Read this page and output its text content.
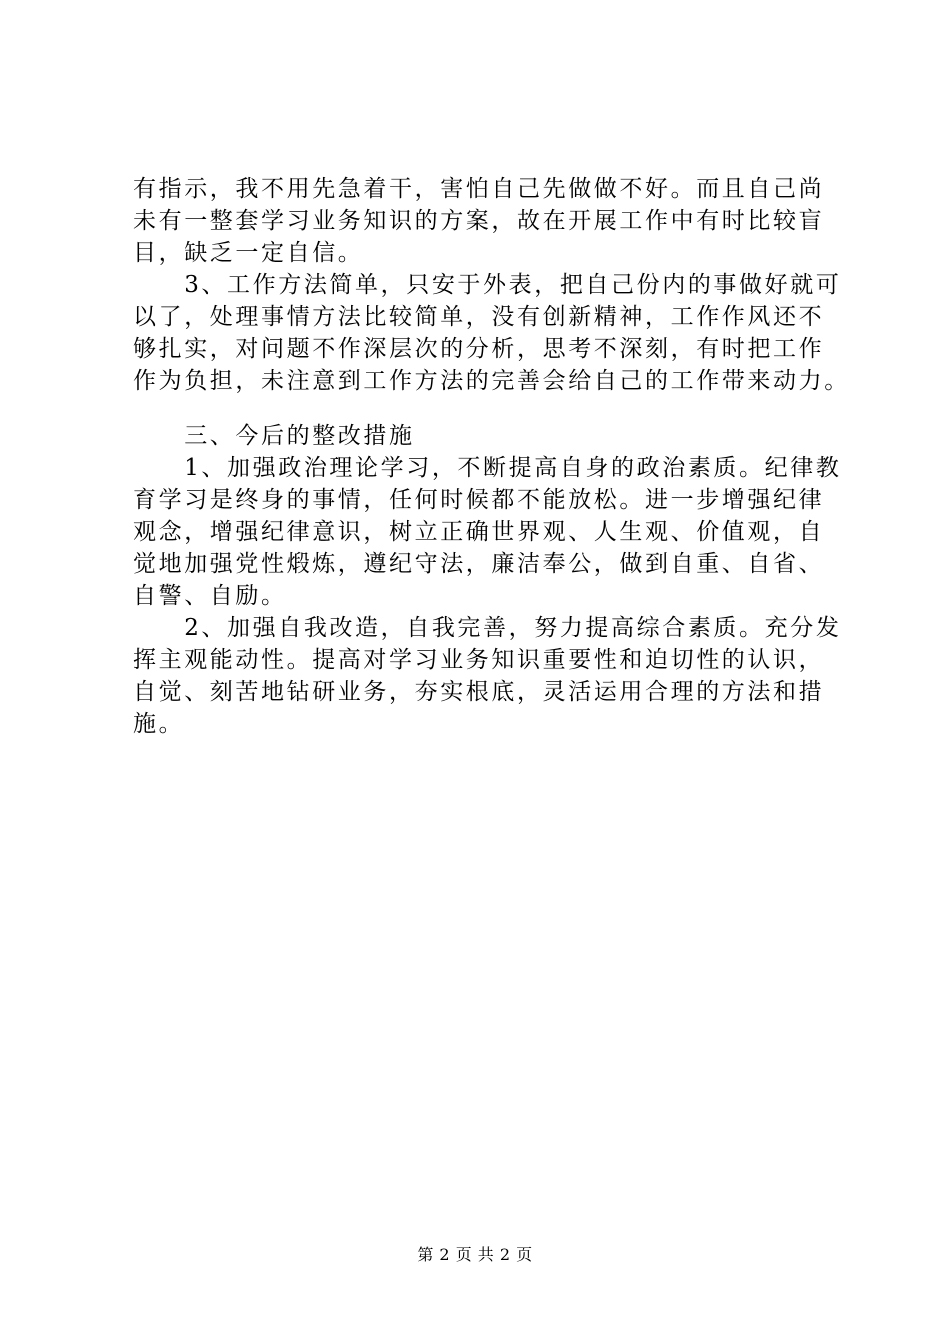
有指示，我不用先急着干，害怕自己先做做不好。而且自己尚
未有一整套学习业务知识的方案，故在开展工作中有时比较盲
目，缺乏一定自信。
　　3、工作方法简单，只安于外表，把自己份内的事做好就可
以了，处理事情方法比较简单，没有创新精神，工作作风还不
够扎实，对问题不作深层次的分析，思考不深刻，有时把工作
作为负担，未注意到工作方法的完善会给自己的工作带来动力。
　　三、今后的整改措施
　　1、加强政治理论学习，不断提高自身的政治素质。纪律教
育学习是终身的事情，任何时候都不能放松。进一步增强纪律
观念，增强纪律意识，树立正确世界观、人生观、价值观，自
觉地加强党性煅炼，遵纪守法，廉洁奉公，做到自重、自省、
自警、自励。
　　2、加强自我改造，自我完善，努力提高综合素质。充分发
挥主观能动性。提高对学习业务知识重要性和迫切性的认识，
自觉、刻苦地钻研业务，夯实根底，灵活运用合理的方法和措
施。
第 2 页 共 2 页
